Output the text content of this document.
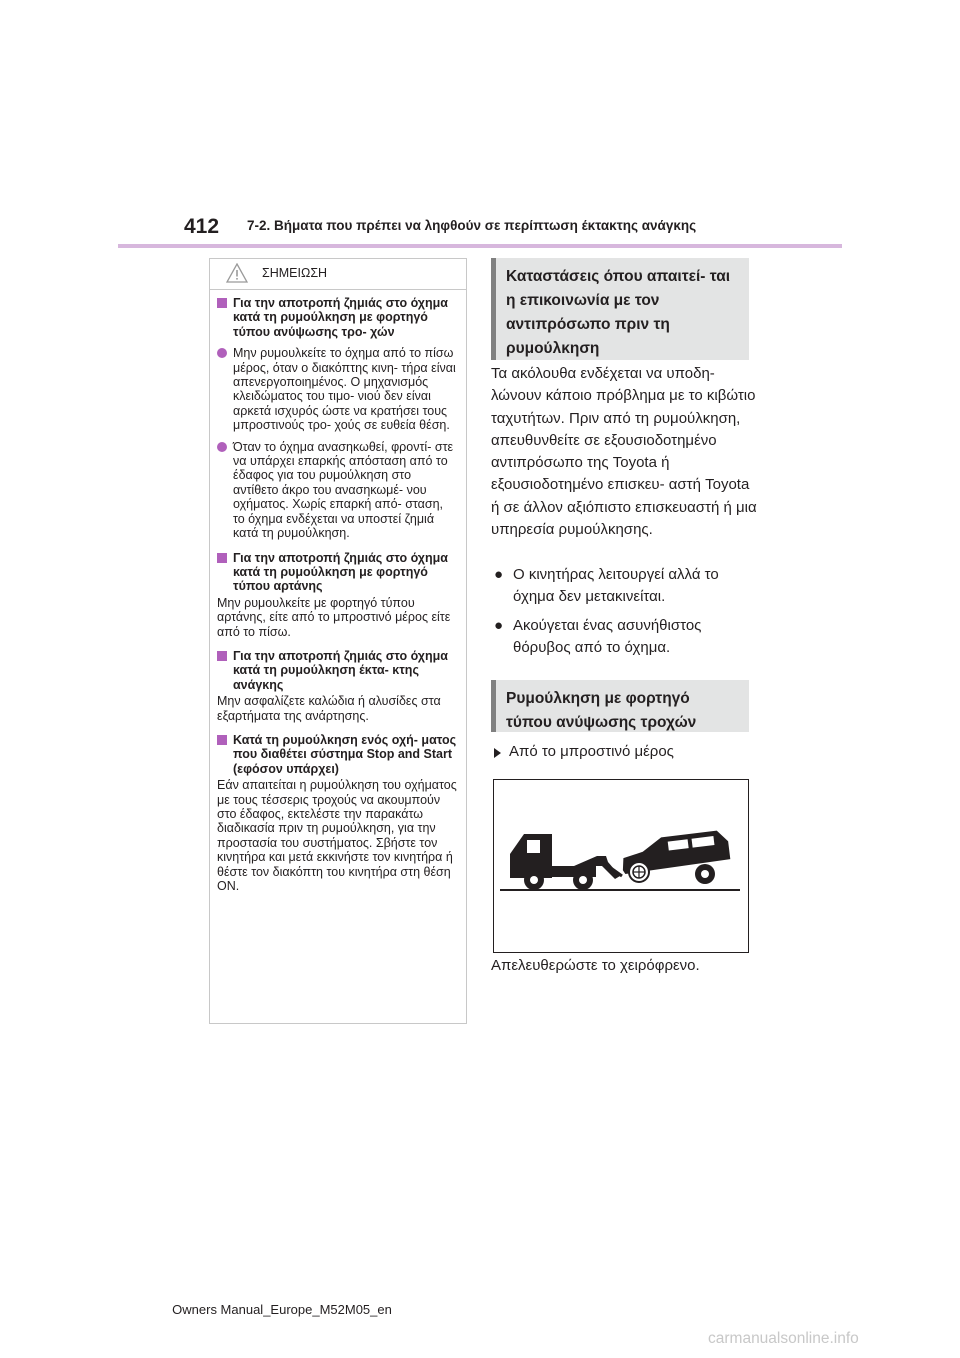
412 7-2. Βήματα που πρέπει να ληφθούν σε περίπτωση έκτακτης ανάγκης
ΣΗΜΕΙΩΣΗ
Για την αποτροπή ζημιάς στο όχημα κατά τη ρυμούλκηση με φορτηγό τύπου ανύψωσης τρο- χών
Μην ρυμουλκείτε το όχημα από το πίσω μέρος, όταν ο διακόπτης κινη- τήρα είναι απενεργοποιημένος. Ο μηχανισμός κλειδώματος του τιμο- νιού δεν είναι αρκετά ισχυρός ώστε να κρατήσει τους μπροστινούς τρο- χούς σε ευθεία θέση.
Όταν το όχημα ανασηκωθεί, φροντί- στε να υπάρχει επαρκής απόσταση από το έδαφος για του ρυμούλκηση στο αντίθετο άκρο του ανασηκωμέ- νου οχήματος. Χωρίς επαρκή από- σταση, το όχημα ενδέχεται να υποστεί ζημιά κατά τη ρυμούλκηση.
Για την αποτροπή ζημιάς στο όχημα κατά τη ρυμούλκηση με φορτηγό τύπου αρτάνης
Μην ρυμουλκείτε με φορτηγό τύπου αρτάνης, είτε από το μπροστινό μέρος είτε από το πίσω.
Για την αποτροπή ζημιάς στο όχημα κατά τη ρυμούλκηση έκτα- κτης ανάγκης
Μην ασφαλίζετε καλώδια ή αλυσίδες στα εξαρτήματα της ανάρτησης.
Κατά τη ρυμούλκηση ενός οχή- ματος που διαθέτει σύστημα Stop and Start (εφόσον υπάρχει)
Εάν απαιτείται η ρυμούλκηση του οχήματος με τους τέσσερις τροχούς να ακουμπούν στο έδαφος, εκτελέστε την παρακάτω διαδικασία πριν τη ρυμούλκηση, για την προστασία του συστήματος. Σβήστε τον κινητήρα και μετά εκκινήστε τον κινητήρα ή θέστε τον διακόπτη του κινητήρα στη θέση ON.
Καταστάσεις όπου απαιτεί- ται η επικοινωνία με τον αντιπρόσωπο πριν τη ρυμούλκηση
Τα ακόλουθα ενδέχεται να υποδη- λώνουν κάποιο πρόβλημα με το κιβώτιο ταχυτήτων. Πριν από τη ρυμούλκηση, απευθυνθείτε σε εξουσιοδοτημένο αντιπρόσωπο της Toyota ή εξουσιοδοτημένο επισκευ- αστή Toyota ή σε άλλον αξιόπιστο επισκευαστή ή μια υπηρεσία ρυμούλκησης.
● Ο κινητήρας λειτουργεί αλλά το όχημα δεν μετακινείται.
● Ακούγεται ένας ασυνήθιστος θόρυβος από το όχημα.
Ρυμούλκηση με φορτηγό τύπου ανύψωσης τροχών
Από το μπροστινό μέρος
Απελευθερώστε το χειρόφρενο.
Owners Manual_Europe_M52M05_en
carmanualsonline.info
